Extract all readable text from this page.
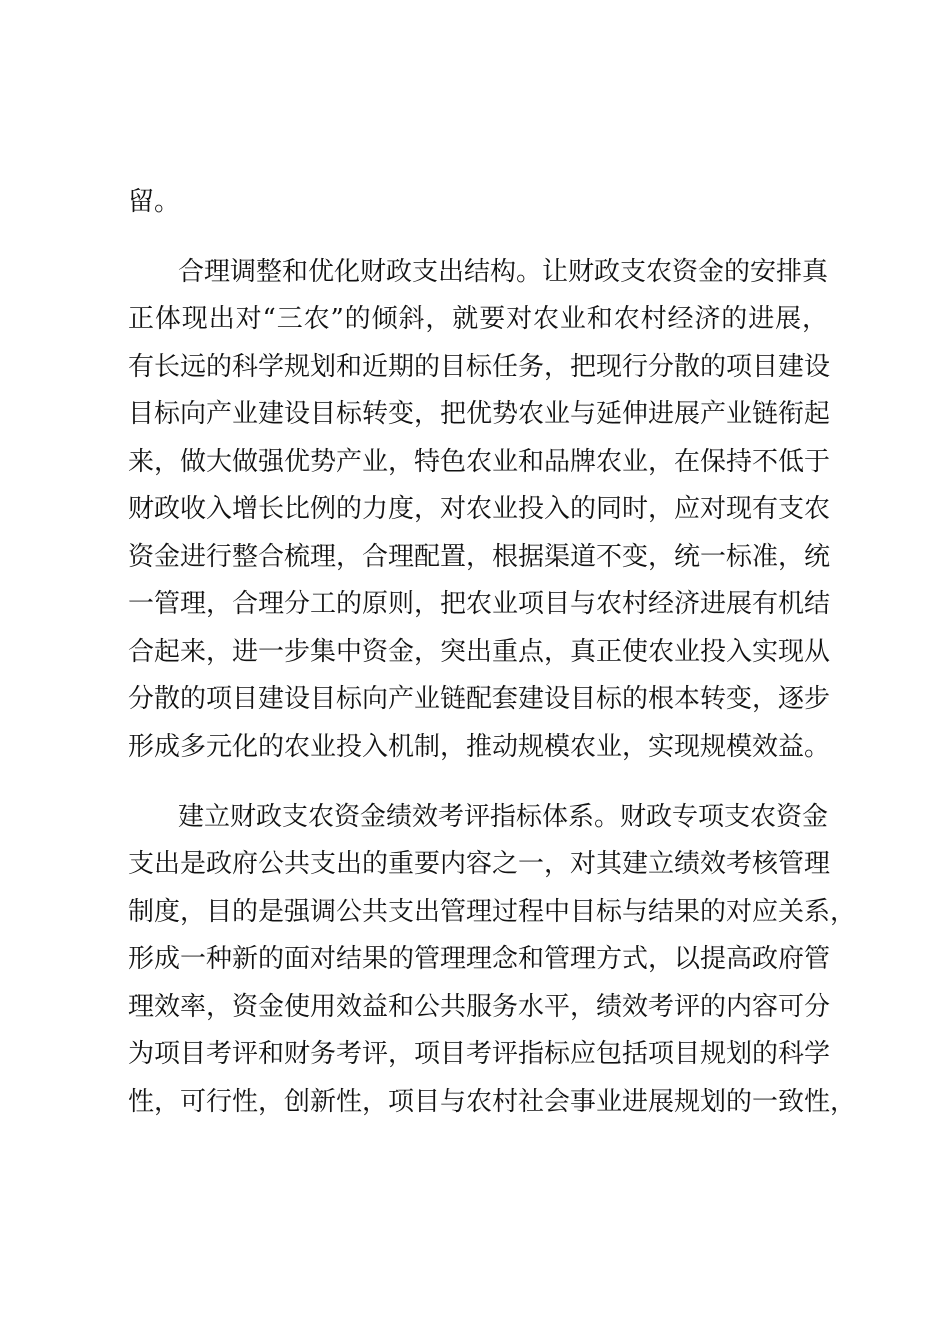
留。
合理调整和优化财政支出结构。让财政支农资金的安排真
正体现出对“三农”的倾斜，就要对农业和农村经济的进展，
有长远的科学规划和近期的目标任务，把现行分散的项目建设
目标向产业建设目标转变，把优势农业与延伸进展产业链衔起
来，做大做强优势产业，特色农业和品牌农业，在保持不低于
财政收入增长比例的力度，对农业投入的同时，应对现有支农
资金进行整合梳理，合理配置，根据渠道不变，统一标准，统
一管理，合理分工的原则，把农业项目与农村经济进展有机结
合起来，进一步集中资金，突出重点，真正使农业投入实现从
分散的项目建设目标向产业链配套建设目标的根本转变，逐步
形成多元化的农业投入机制，推动规模农业，实现规模效益。
建立财政支农资金绩效考评指标体系。财政专项支农资金
支出是政府公共支出的重要内容之一，对其建立绩效考核管理
制度，目的是强调公共支出管理过程中目标与结果的对应关系，
形成一种新的面对结果的管理理念和管理方式，以提高政府管
理效率，资金使用效益和公共服务水平，绩效考评的内容可分
为项目考评和财务考评，项目考评指标应包括项目规划的科学
性，可行性，创新性，项目与农村社会事业进展规划的一致性，
